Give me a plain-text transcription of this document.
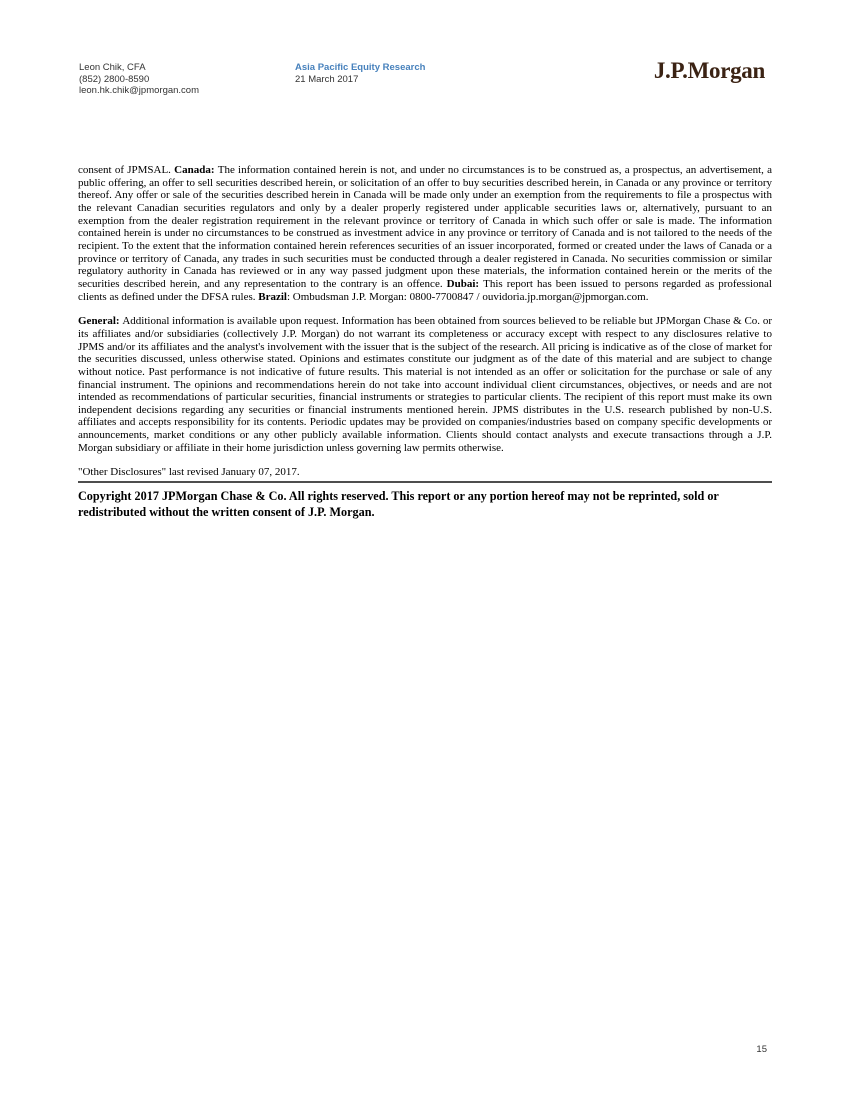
Leon Chik, CFA
(852) 2800-8590
leon.hk.chik@jpmorgan.com
Asia Pacific Equity Research
21 March 2017	J.P.Morgan

consent of JPMSAL. Canada: The information contained herein is not, and under no circumstances is to be construed as, a prospectus, an advertisement, a public offering, an offer to sell securities described herein, or solicitation of an offer to buy securities described herein, in Canada or any province or territory thereof. Any offer or sale of the securities described herein in Canada will be made only under an exemption from the requirements to file a prospectus with the relevant Canadian securities regulators and only by a dealer properly registered under applicable securities laws or, alternatively, pursuant to an exemption from the dealer registration requirement in the relevant province or territory of Canada in which such offer or sale is made. The information contained herein is under no circumstances to be construed as investment advice in any province or territory of Canada and is not tailored to the needs of the recipient. To the extent that the information contained herein references securities of an issuer incorporated, formed or created under the laws of Canada or a province or territory of Canada, any trades in such securities must be conducted through a dealer registered in Canada. No securities commission or similar regulatory authority in Canada has reviewed or in any way passed judgment upon these materials, the information contained herein or the merits of the securities described herein, and any representation to the contrary is an offence. Dubai: This report has been issued to persons regarded as professional clients as defined under the DFSA rules. Brazil: Ombudsman J.P. Morgan: 0800-7700847 / ouvidoria.jp.morgan@jpmorgan.com.

General: Additional information is available upon request. Information has been obtained from sources believed to be reliable but JPMorgan Chase & Co. or its affiliates and/or subsidiaries (collectively J.P. Morgan) do not warrant its completeness or accuracy except with respect to any disclosures relative to JPMS and/or its affiliates and the analyst's involvement with the issuer that is the subject of the research. All pricing is indicative as of the close of market for the securities discussed, unless otherwise stated. Opinions and estimates constitute our judgment as of the date of this material and are subject to change without notice. Past performance is not indicative of future results. This material is not intended as an offer or solicitation for the purchase or sale of any financial instrument. The opinions and recommendations herein do not take into account individual client circumstances, objectives, or needs and are not intended as recommendations of particular securities, financial instruments or strategies to particular clients. The recipient of this report must make its own independent decisions regarding any securities or financial instruments mentioned herein. JPMS distributes in the U.S. research published by non-U.S. affiliates and accepts responsibility for its contents. Periodic updates may be provided on companies/industries based on company specific developments or announcements, market conditions or any other publicly available information. Clients should contact analysts and execute transactions through a J.P. Morgan subsidiary or affiliate in their home jurisdiction unless governing law permits otherwise.

"Other Disclosures" last revised January 07, 2017.

Copyright 2017 JPMorgan Chase & Co. All rights reserved. This report or any portion hereof may not be reprinted, sold or
redistributed without the written consent of J.P. Morgan.
15
